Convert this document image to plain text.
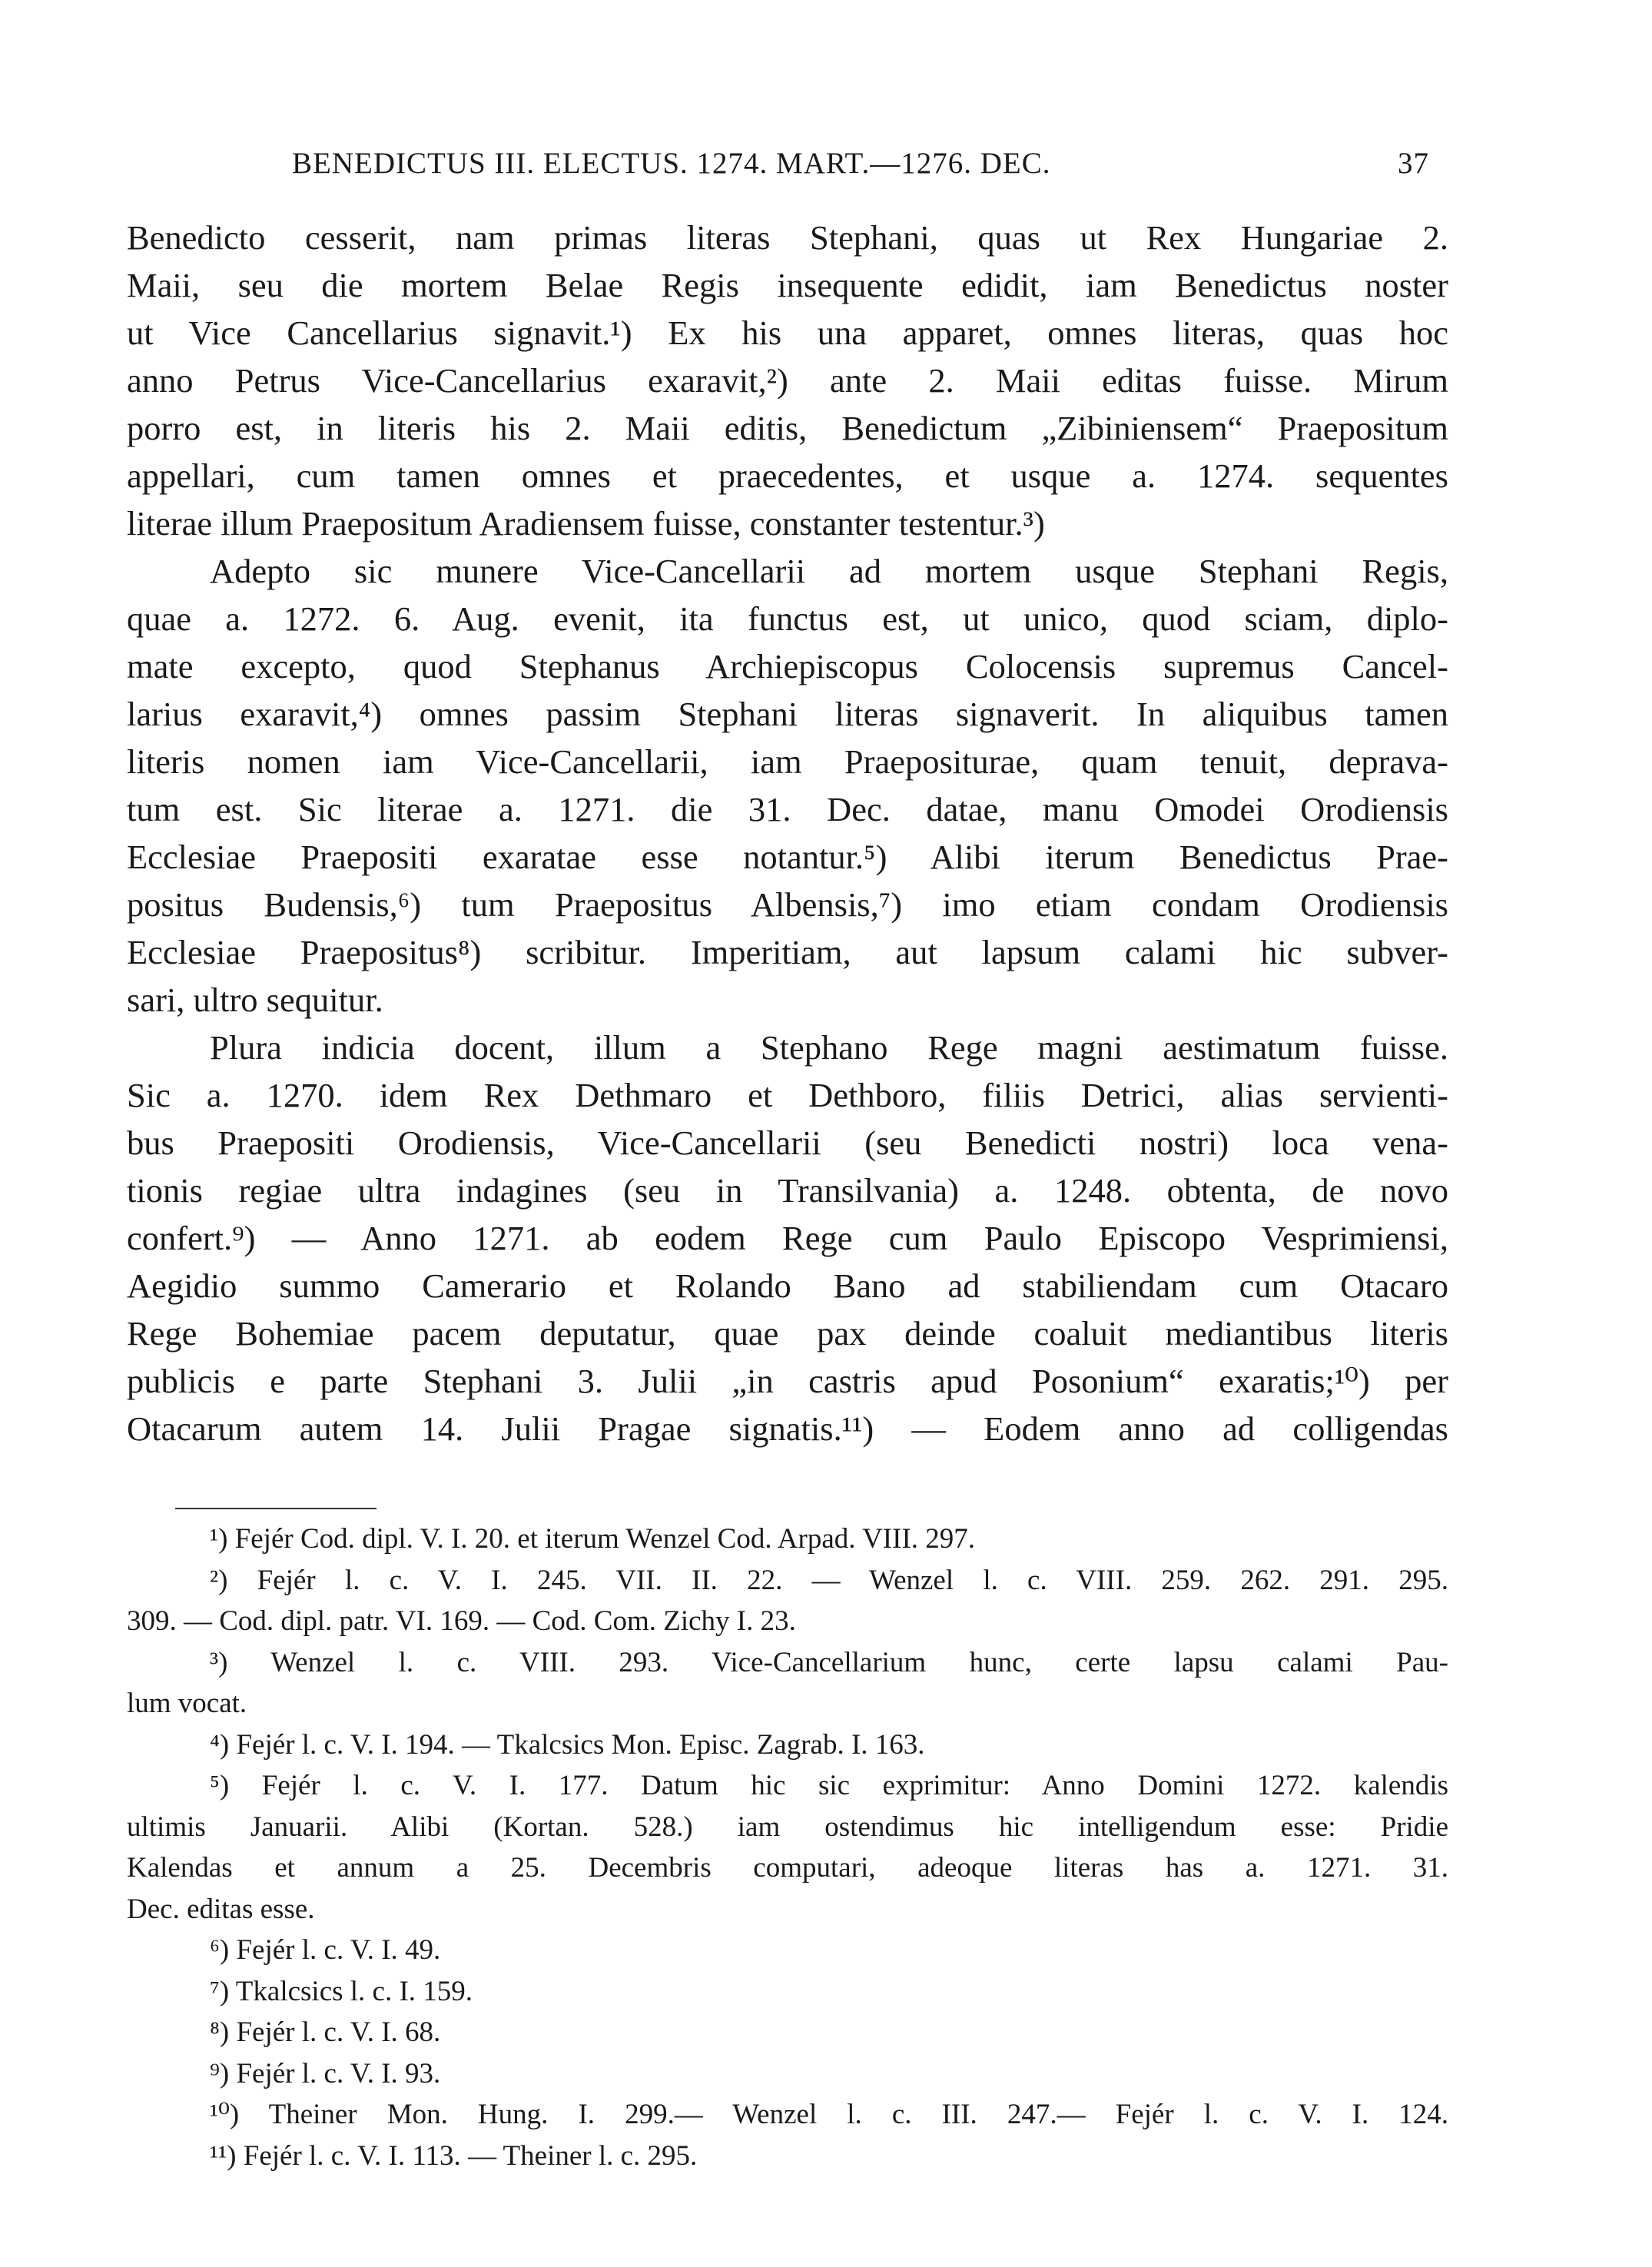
BENEDICTUS III. ELECTUS. 1274. MART.—1276. DEC.	37
Benedicto cesserit, nam primas literas Stephani, quas ut Rex Hungariae 2.
Maii, seu die mortem Belae Regis insequente edidit, iam Benedictus noster
ut Vice Cancellarius signavit.¹) Ex his una apparet, omnes literas, quas hoc
anno Petrus Vice-Cancellarius exaravit,²) ante 2. Maii editas fuisse. Mirum
porro est, in literis his 2. Maii editis, Benedictum „Zibiniensem“ Praepositum
appellari, cum tamen omnes et praecedentes, et usque a. 1274. sequentes
literae illum Praepositum Aradiensem fuisse, constanter testentur.³)
Adepto sic munere Vice-Cancellarii ad mortem usque Stephani Regis,
quae a. 1272. 6. Aug. evenit, ita functus est, ut unico, quod sciam, diplo-
mate excepto, quod Stephanus Archiepiscopus Colocensis supremus Cancel-
larius exaravit,⁴) omnes passim Stephani literas signaverit. In aliquibus tamen
literis nomen iam Vice-Cancellarii, iam Praepositurae, quam tenuit, deprava-
tum est. Sic literae a. 1271. die 31. Dec. datae, manu Omodei Orodiensis
Ecclesiae Praepositi exaratae esse notantur.⁵) Alibi iterum Benedictus Prae-
positus Budensis,⁶) tum Praepositus Albensis,⁷) imo etiam condam Orodiensis
Ecclesiae Praepositus⁸) scribitur. Imperitiam, aut lapsum calami hic subver-
sari, ultro sequitur.
Plura indicia docent, illum a Stephano Rege magni aestimatum fuisse.
Sic a. 1270. idem Rex Dethmaro et Dethboro, filiis Detrici, alias servienti-
bus Praepositi Orodiensis, Vice-Cancellarii (seu Benedicti nostri) loca vena-
tionis regiae ultra indagines (seu in Transilvania) a. 1248. obtenta, de novo
confert.⁹) — Anno 1271. ab eodem Rege cum Paulo Episcopo Vesprimiensi,
Aegidio summo Camerario et Rolando Bano ad stabiliendam cum Otacaro
Rege Bohemiae pacem deputatur, quae pax deinde coaluit mediantibus literis
publicis e parte Stephani 3. Julii „in castris apud Posonium“ exaratis;¹⁰) per
Otacarum autem 14. Julii Pragae signatis.¹¹) — Eodem anno ad colligendas
¹) Fejér Cod. dipl. V. I. 20. et iterum Wenzel Cod. Arpad. VIII. 297.
²) Fejér l. c. V. I. 245. VII. II. 22. — Wenzel l. c. VIII. 259. 262. 291. 295.
309. — Cod. dipl. patr. VI. 169. — Cod. Com. Zichy I. 23.
³) Wenzel l. c. VIII. 293. Vice-Cancellarium hunc, certe lapsu calami Pau-
lum vocat.
⁴) Fejér l. c. V. I. 194. — Tkalcsics Mon. Episc. Zagrab. I. 163.
⁵) Fejér l. c. V. I. 177. Datum hic sic exprimitur: Anno Domini 1272. kalendis
ultimis Januarii. Alibi (Kortan. 528.) iam ostendimus hic intelligendum esse: Pridie
Kalendas et annum a 25. Decembris computari, adeoque literas has a. 1271. 31.
Dec. editas esse.
⁶) Fejér l. c. V. I. 49.
⁷) Tkalcsics l. c. I. 159.
⁸) Fejér l. c. V. I. 68.
⁹) Fejér l. c. V. I. 93.
¹⁰) Theiner Mon. Hung. I. 299.— Wenzel l. c. III. 247.— Fejér l. c. V. I. 124.
¹¹) Fejér l. c. V. I. 113. — Theiner l. c. 295.
